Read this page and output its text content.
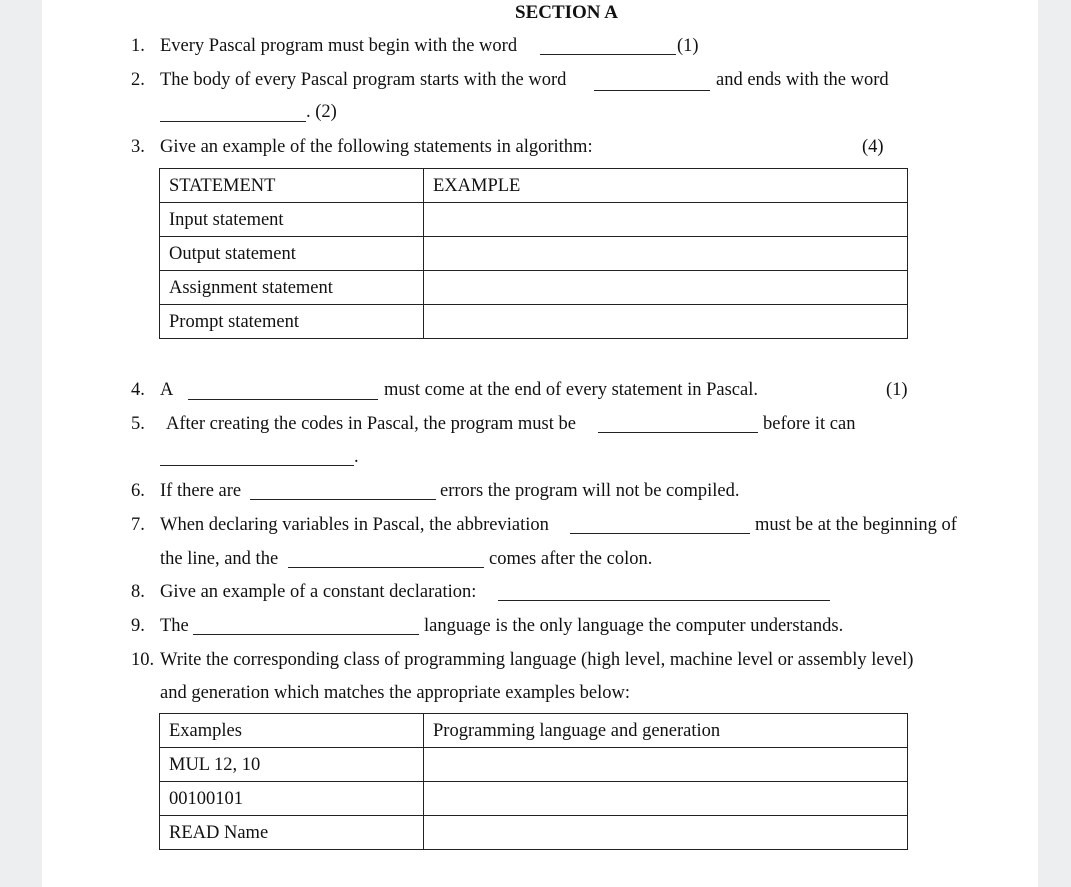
SECTION A
1. Every Pascal program must begin with the word	(1)
2. The body of every Pascal program starts with the word	and ends with the word
. (2)
3. Give an example of the following statements in algorithm:	(4)
STATEMENT	EXAMPLE
Input statement	
Output statement	
Assignment statement	
Prompt statement	
4. A	must come at the end of every statement in Pascal.	(1)
5. After creating the codes in Pascal, the program must be	before it can
.
6. If there are	errors the program will not be compiled.
7. When declaring variables in Pascal, the abbreviation	must be at the beginning of
the line, and the	comes after the colon.
8. Give an example of a constant declaration:
9. The	language is the only language the computer understands.
10. Write the corresponding class of programming language (high level, machine level or assembly level)
and generation which matches the appropriate examples below:
Examples	Programming language and generation
MUL 12, 10	
00100101	
READ Name	
